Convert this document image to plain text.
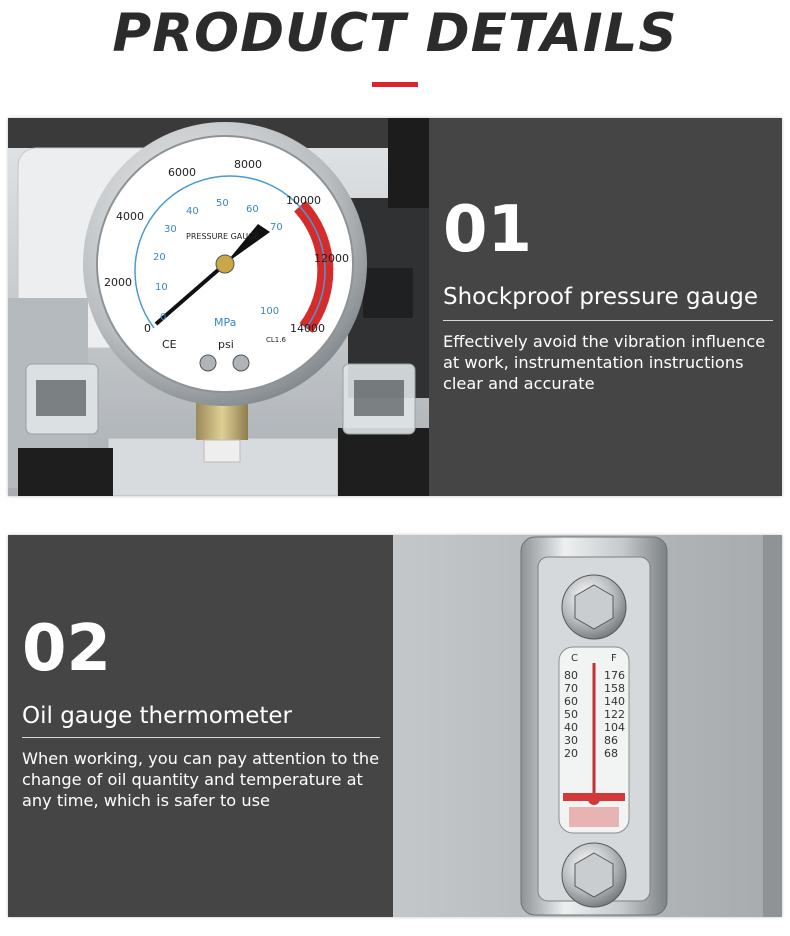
PRODUCT DETAILS
0
2000
4000
6000
8000
10000
12000
14000
0
10
20
30
40
50
60
70
80
90
100
PRESSURE GAUGE
MPa
psi
CE	CL1.6
01
Shockproof pressure gauge
Effectively avoid the vibration influence at work, instrumentation instructions clear and accurate
02
Oil gauge thermometer
When working, you can pay attention to the change of oil quantity and temperature at any time, which is safer to use
C	F
80
70
60
50
40
30
20
176
158
140
122
104
86
68
